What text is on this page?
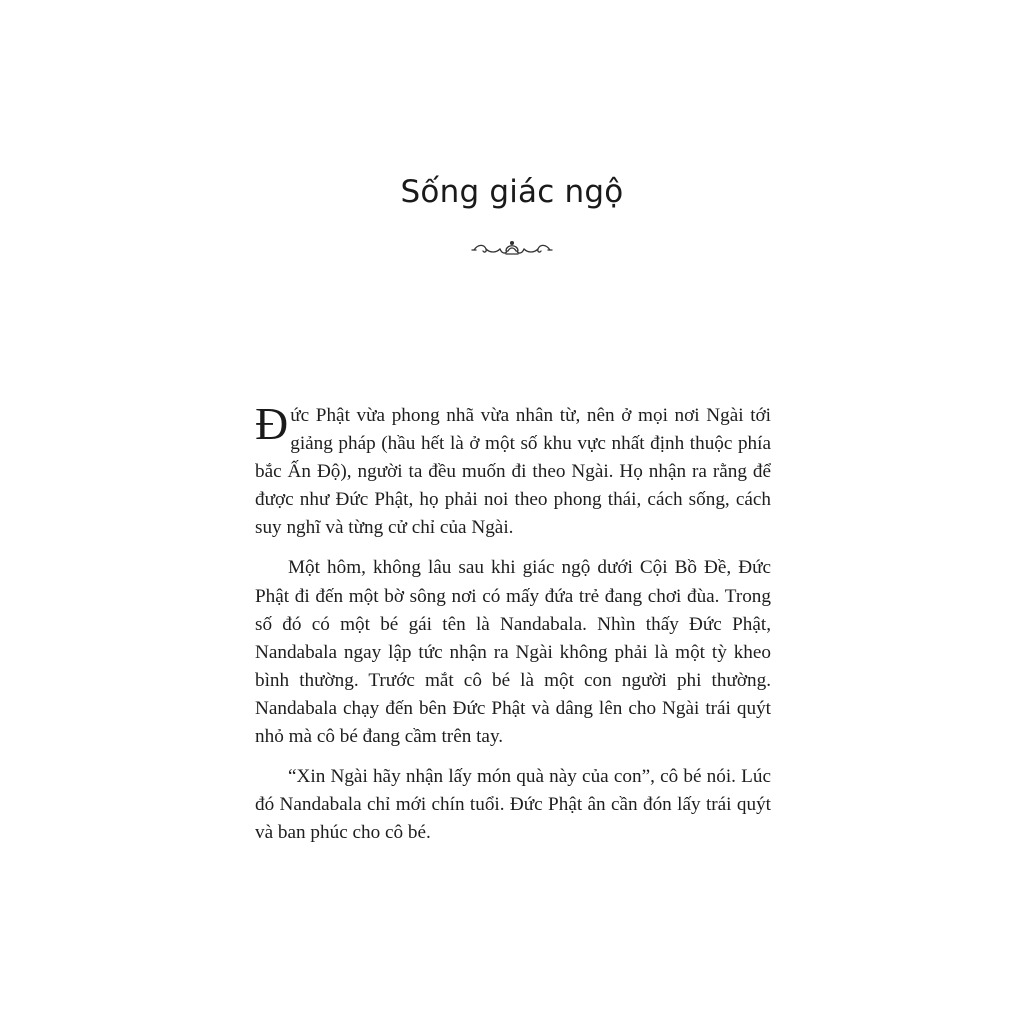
Sống giác ngộ

Đức Phật vừa phong nhã vừa nhân từ, nên ở mọi nơi Ngài tới giảng pháp (hầu hết là ở một số khu vực nhất định thuộc phía bắc Ấn Độ), người ta đều muốn đi theo Ngài. Họ nhận ra rằng để được như Đức Phật, họ phải noi theo phong thái, cách sống, cách suy nghĩ và từng cử chỉ của Ngài.

Một hôm, không lâu sau khi giác ngộ dưới Cội Bồ Đề, Đức Phật đi đến một bờ sông nơi có mấy đứa trẻ đang chơi đùa. Trong số đó có một bé gái tên là Nandabala. Nhìn thấy Đức Phật, Nandabala ngay lập tức nhận ra Ngài không phải là một tỳ kheo bình thường. Trước mắt cô bé là một con người phi thường. Nandabala chạy đến bên Đức Phật và dâng lên cho Ngài trái quýt nhỏ mà cô bé đang cầm trên tay.

“Xin Ngài hãy nhận lấy món quà này của con”, cô bé nói. Lúc đó Nandabala chỉ mới chín tuổi. Đức Phật ân cần đón lấy trái quýt và ban phúc cho cô bé.
